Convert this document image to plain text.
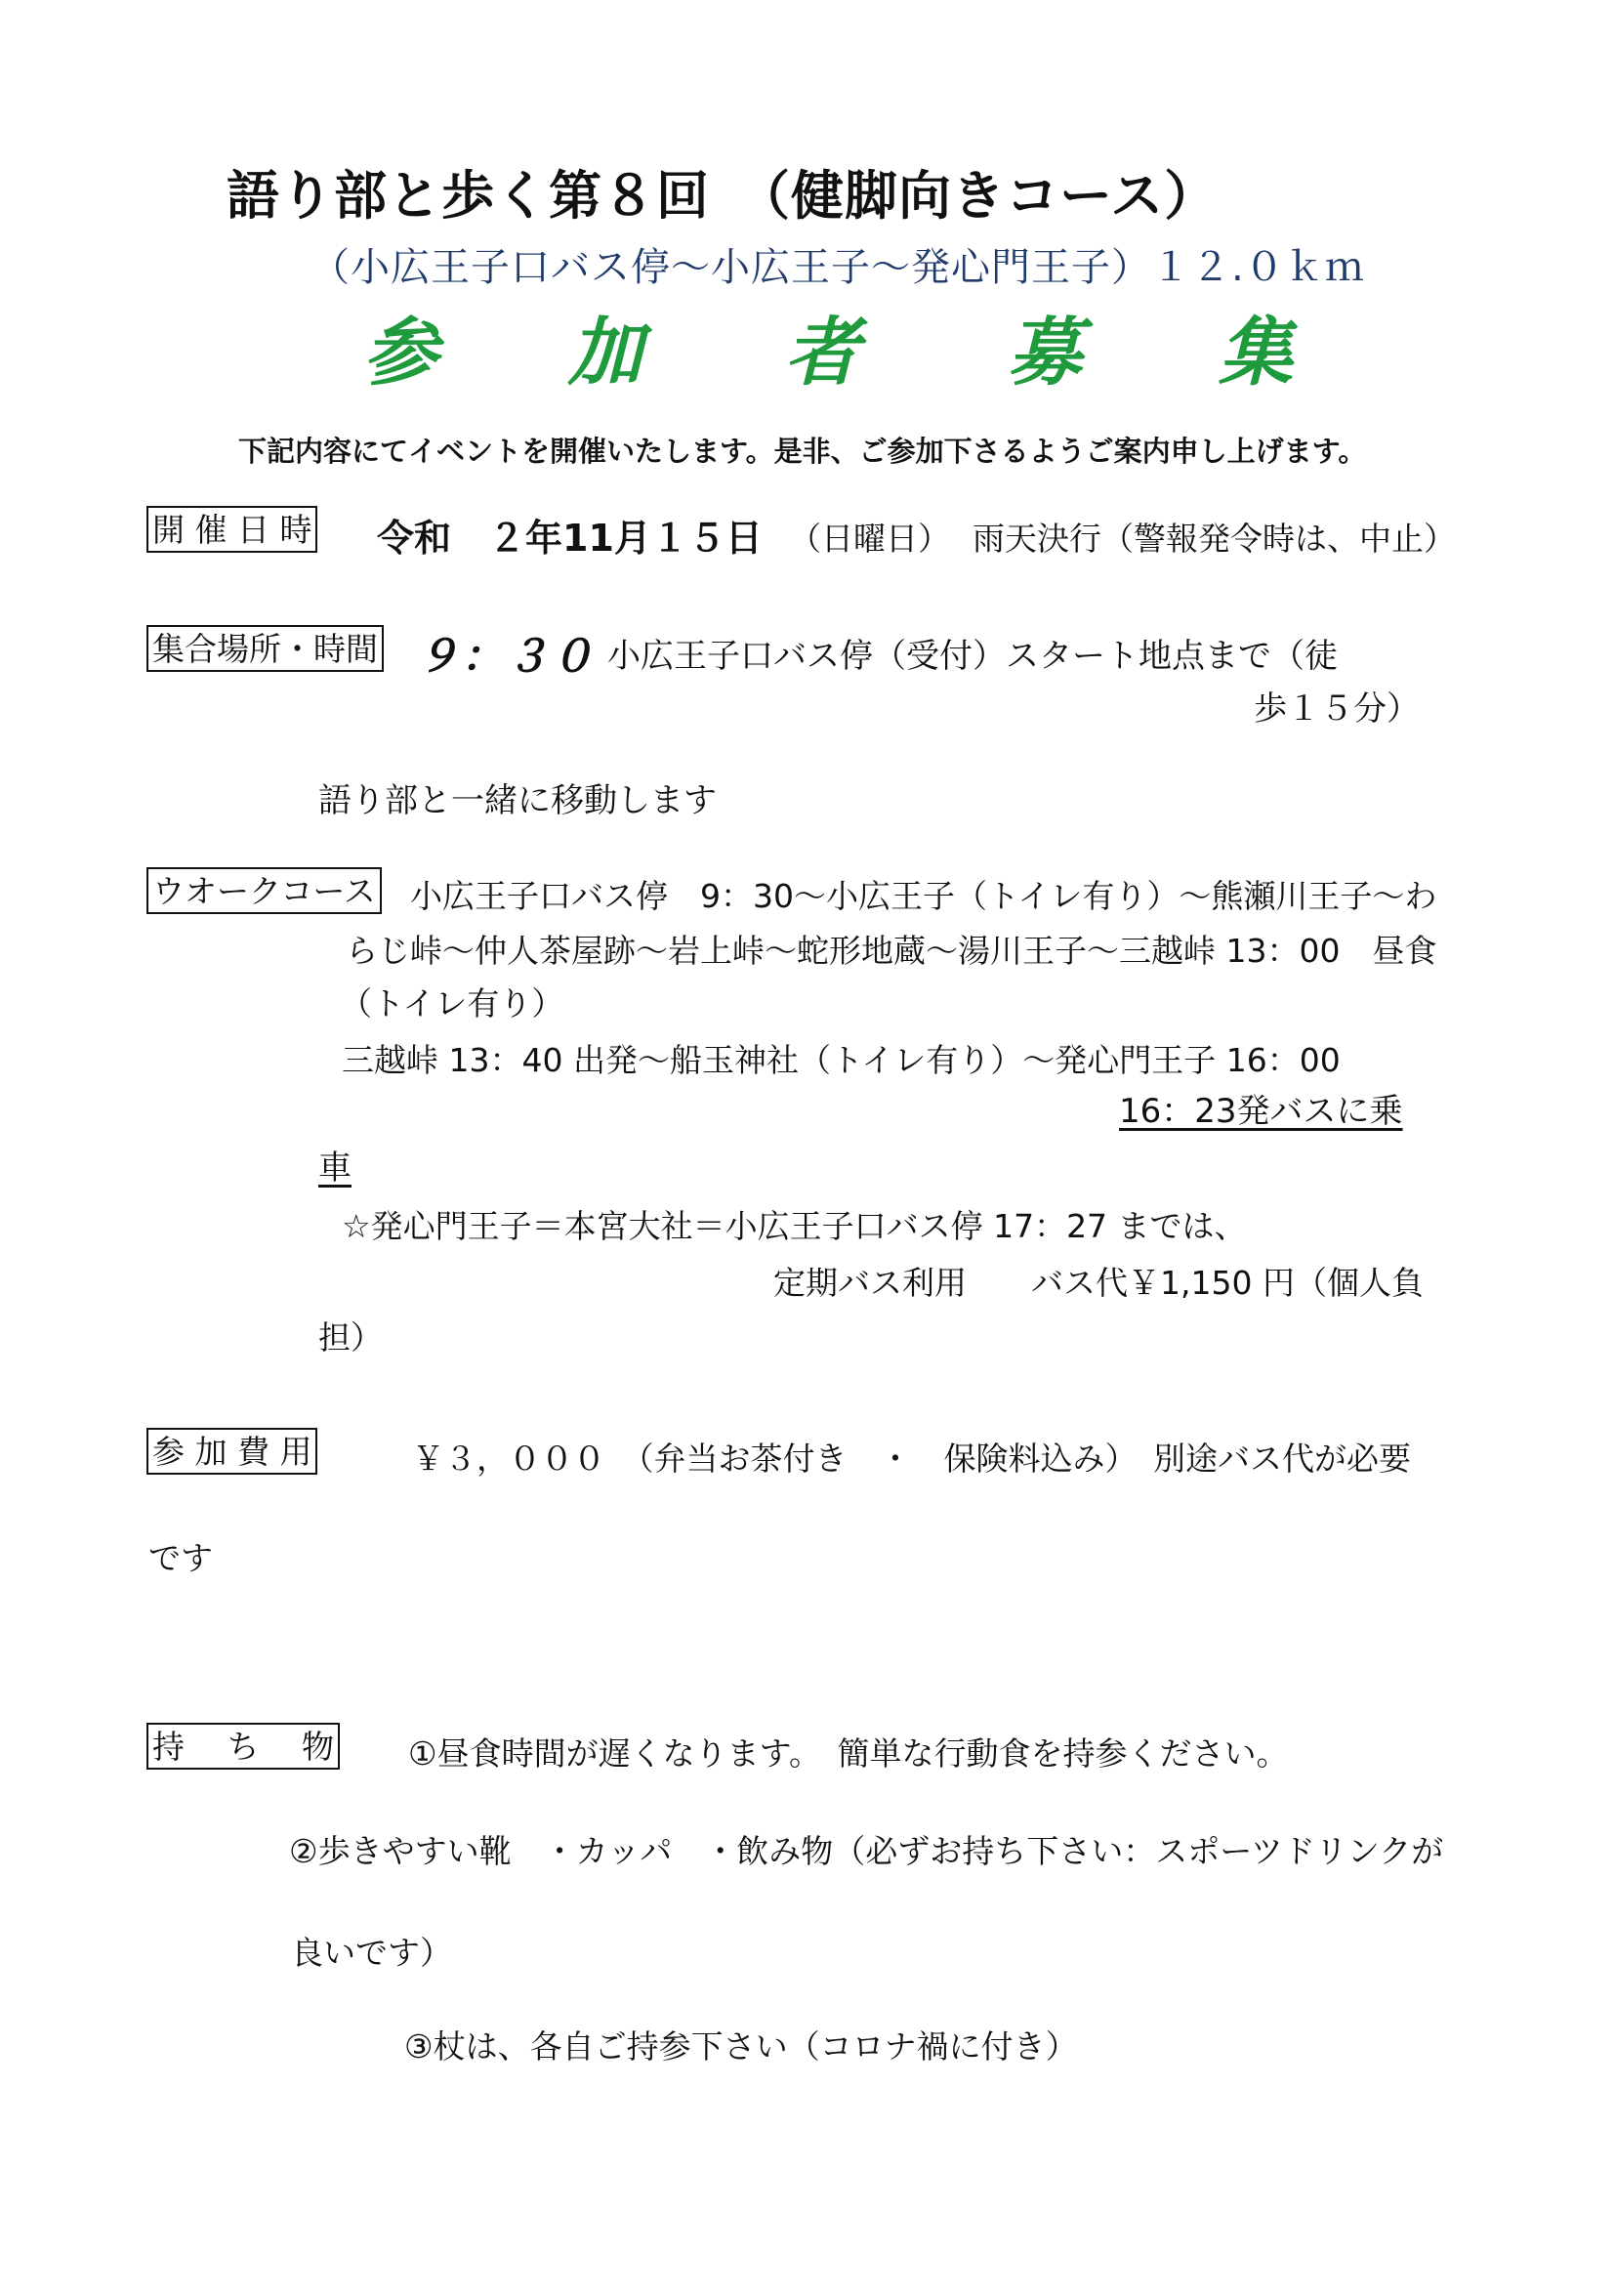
語り部と歩く第８回　（健脚向きコース）
（小広王子口バス停～小広王子～発心門王子）１２.０ｋｍ
参 加 者 募 集
下記内容にてイベントを開催いたします。是非、ご参加下さるようご案内申し上げます。
開 催 日 時 令和　２年11月１５日 （日曜日） 雨天決行（警報発令時は、中止）
集合場所・時間 ９：３０ 小広王子口バス停（受付）スタート地点まで（徒
歩１５分）
語り部と一緒に移動します
ウオークコース 小広王子口バス停　9：30～小広王子（トイレ有り）～熊瀬川王子～わ
らじ峠～仲人茶屋跡～岩上峠～蛇形地蔵～湯川王子～三越峠 13：00　昼食
（トイレ有り）
三越峠 13：40 出発～船玉神社（トイレ有り）～発心門王子 16：00
16：23発バスに乗
車
☆発心門王子＝本宮大社＝小広王子口バス停 17：27 までは、
定期バス利用　　バス代￥1,150 円（個人負
担）
参 加 費 用	￥３，０００　（弁当お茶付き　・　保険料込み）　別途バス代が必要
です
持　 ち　 物 ①昼食時間が遅くなります。　簡単な行動食を持参ください。
②歩きやすい靴　・カッパ　・飲み物（必ずお持ち下さい：スポーツドリンクが
良いです）
③杖は、各自ご持参下さい（コロナ禍に付き）
